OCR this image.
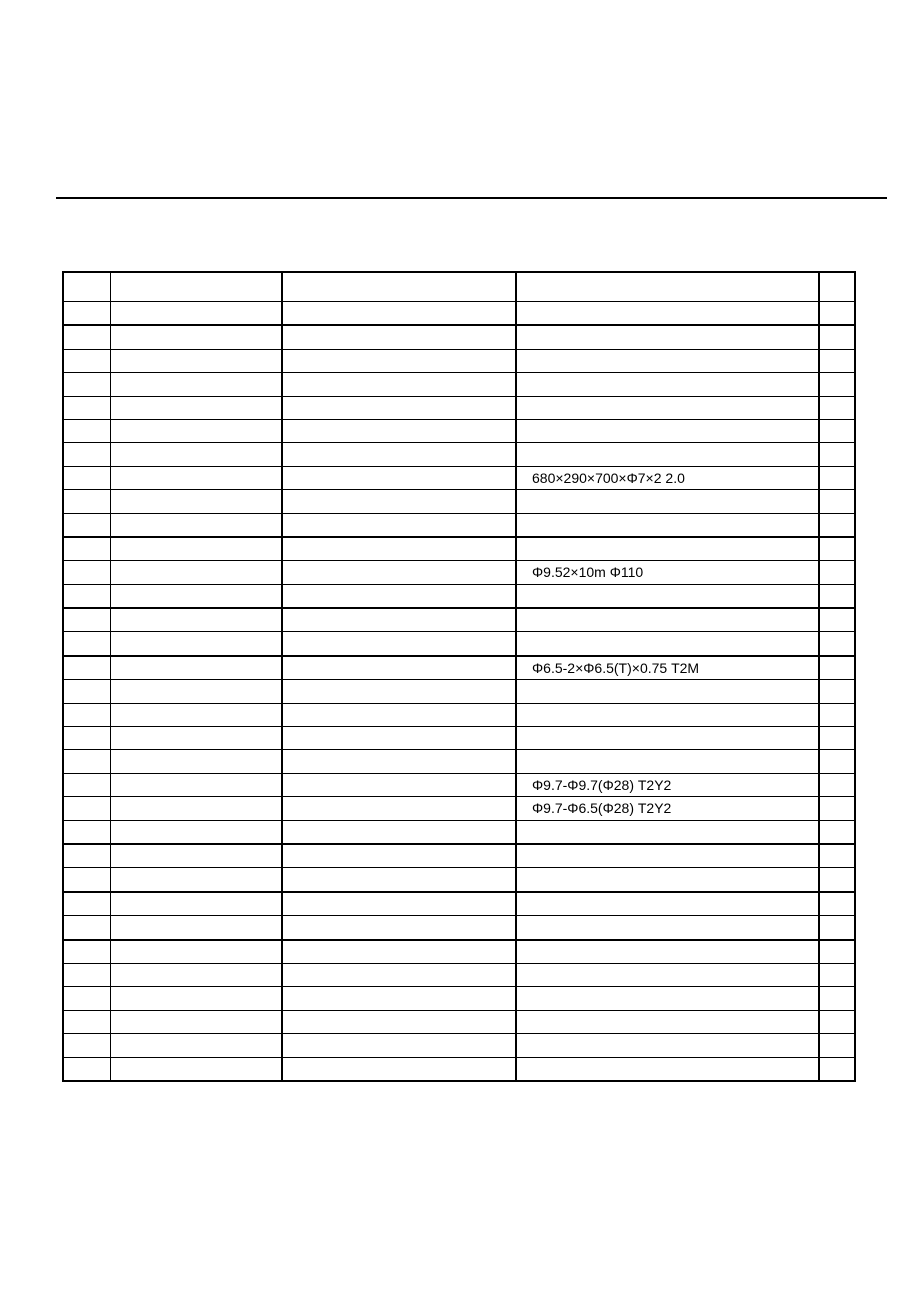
			680×290×700×Φ7×2 2.0	

			Φ9.52×10m Φ110	

			Φ6.5-2×Φ6.5(T)×0.75 T2M	

			Φ9.7-Φ9.7(Φ28) T2Y2	
			Φ9.7-Φ6.5(Φ28) T2Y2	
